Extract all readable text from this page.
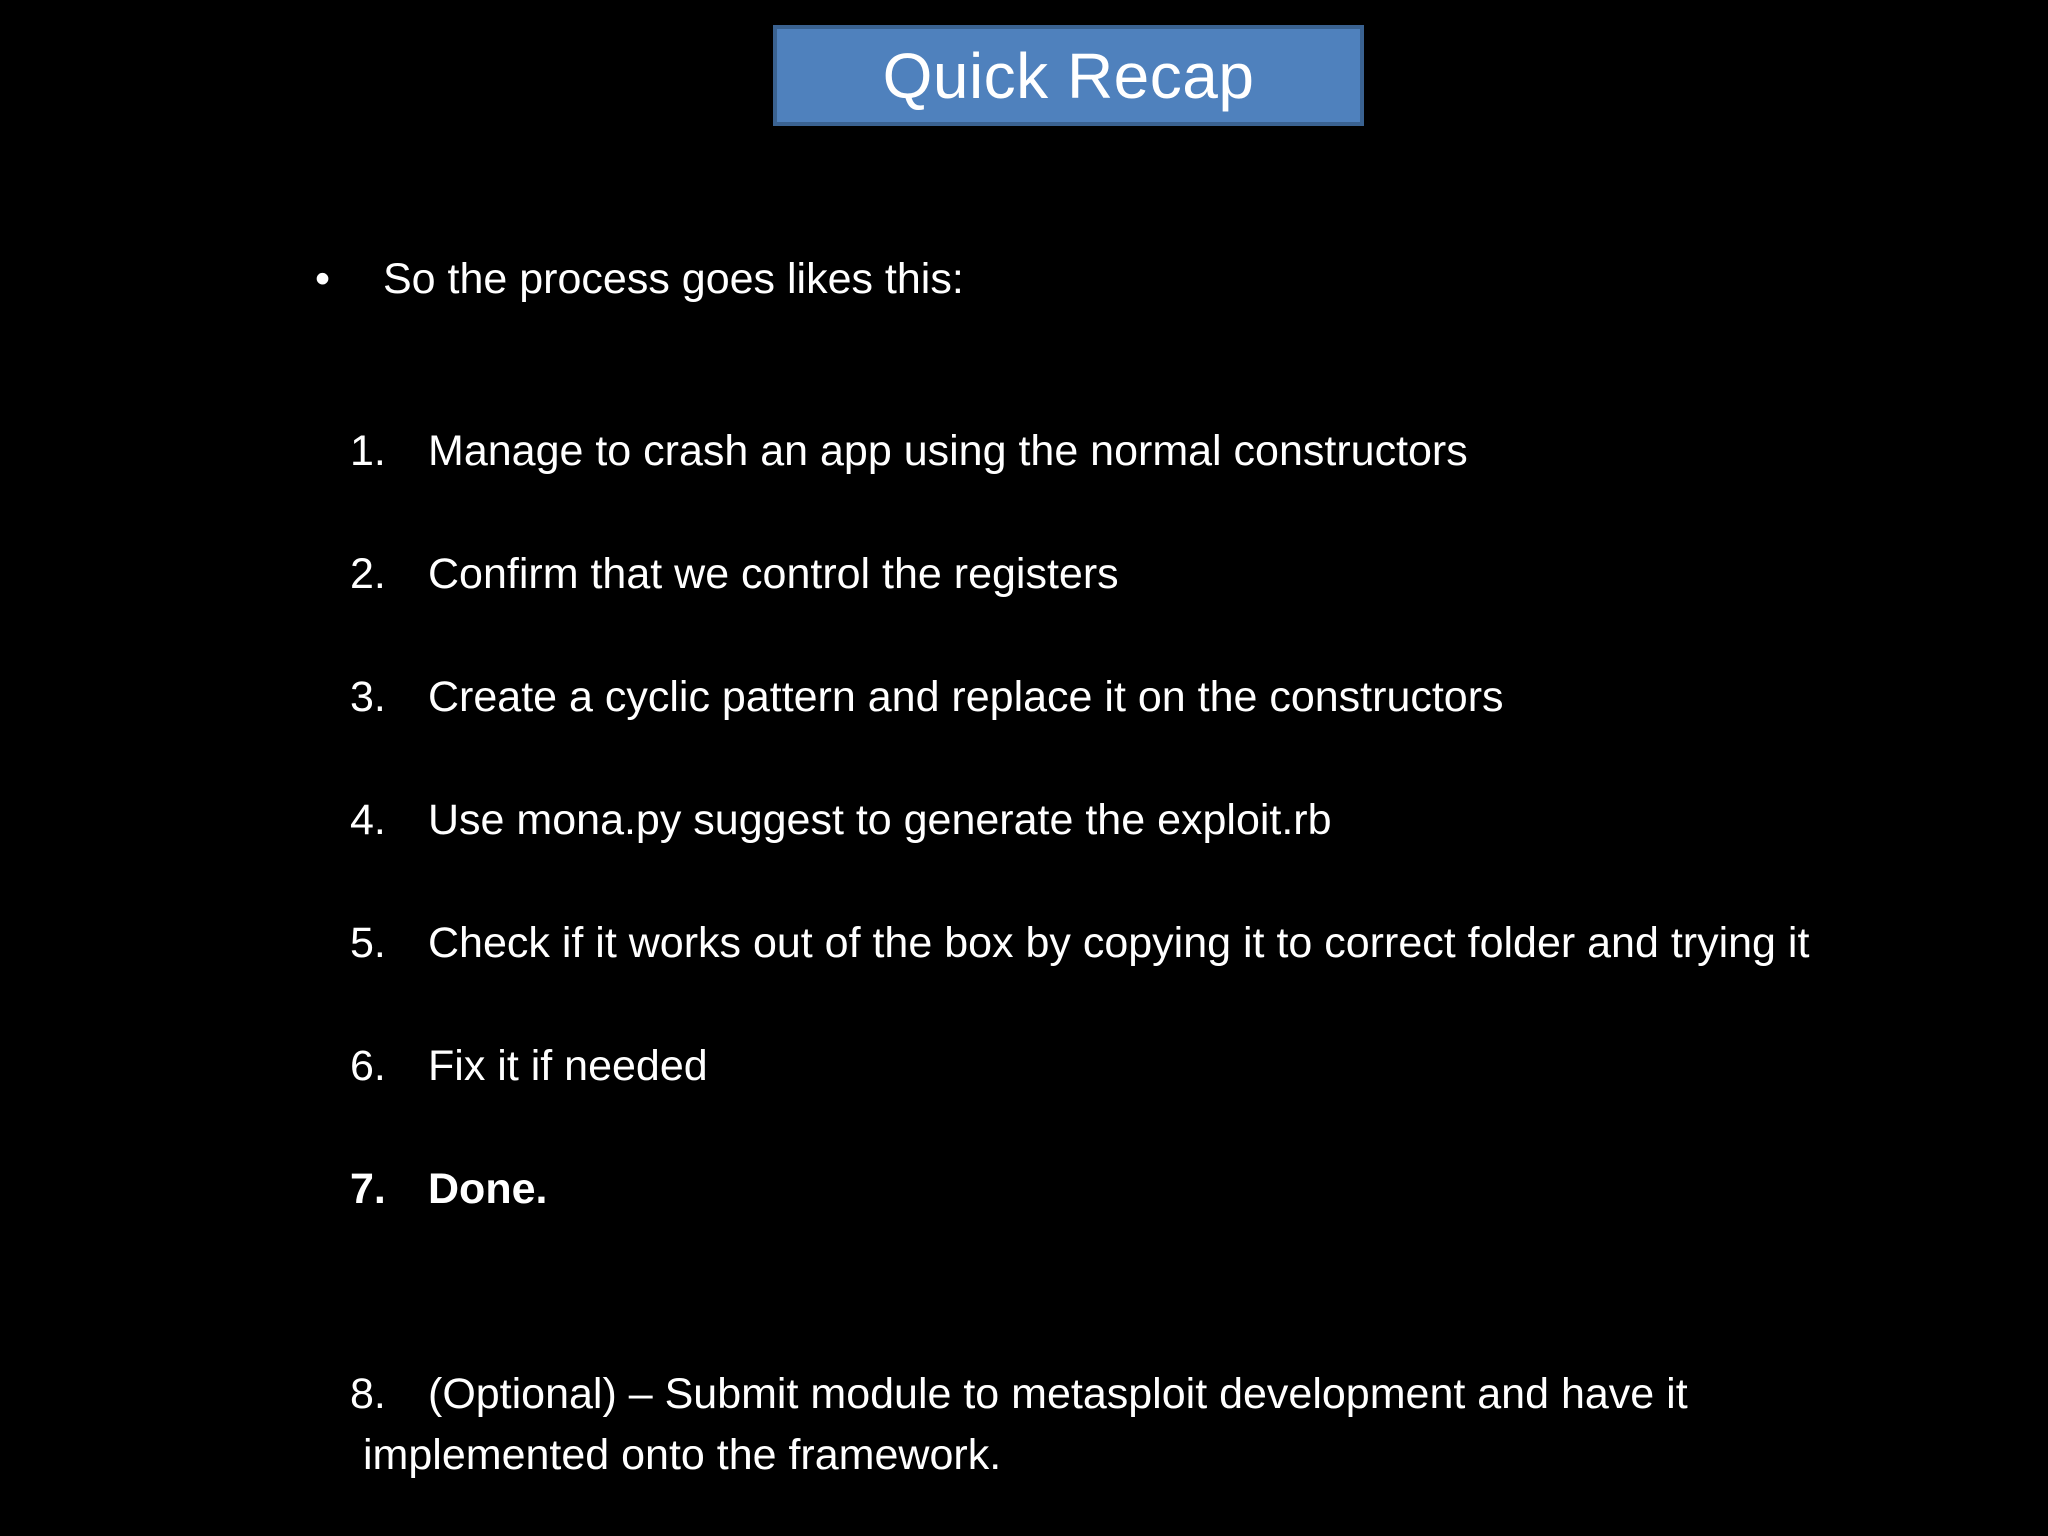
Quick Recap
• So the process goes likes this:
1. Manage to crash an app using the normal constructors
2. Confirm that we control the registers
3. Create a cyclic pattern and replace it on the constructors
4. Use mona.py suggest to generate the exploit.rb
5. Check if it works out of the box by copying it to correct folder and trying it
6. Fix it if needed
7. Done.
8. (Optional) – Submit module to metasploit development and have it
implemented onto the framework.
